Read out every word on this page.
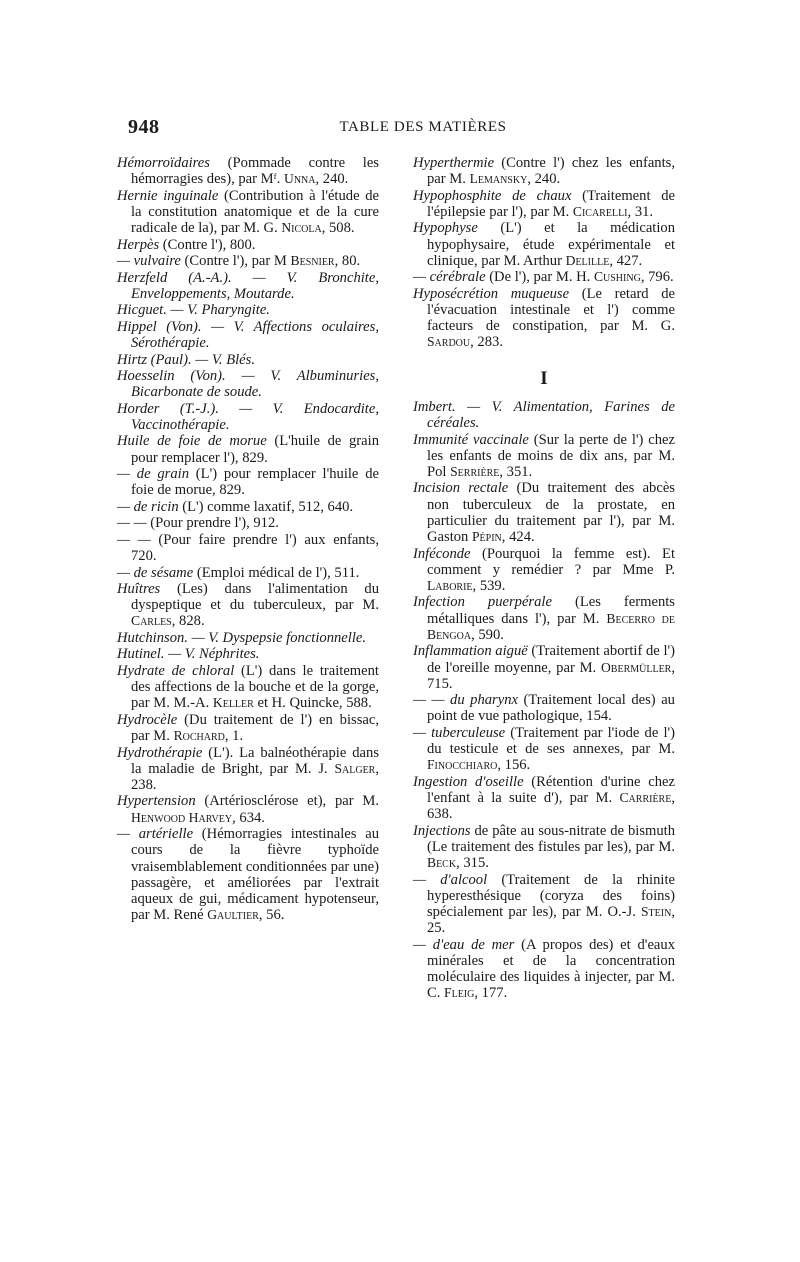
948	TABLE DES MATIÈRES
Hémorroïdaires (Pommade contre les hémorragies des), par Mᶠ. Unna, 240.
Hernie inguinale (Contribution à l'étude de la constitution anatomique et de la cure radicale de la), par M. G. Nicola, 508.
Herpès (Contre l'), 800.
— vulvaire (Contre l'), par M Besnier, 80.
Herzfeld (A.-A.). — V. Bronchite, Enveloppements, Moutarde.
Hicguet. — V. Pharyngite.
Hippel (Von). — V. Affections oculaires, Sérothérapie.
Hirtz (Paul). — V. Blés.
Hoesselin (Von). — V. Albuminuries, Bicarbonate de soude.
Horder (T.-J.). — V. Endocardite, Vaccinothérapie.
Huile de foie de morue (L'huile de grain pour remplacer l'), 829.
— de grain (L') pour remplacer l'huile de foie de morue, 829.
— de ricin (L') comme laxatif, 512, 640.
— — (Pour prendre l'), 912.
— — (Pour faire prendre l') aux enfants, 720.
— de sésame (Emploi médical de l'), 511.
Huîtres (Les) dans l'alimentation du dyspeptique et du tuberculeux, par M. Carles, 828.
Hutchinson. — V. Dyspepsie fonctionnelle.
Hutinel. — V. Néphrites.
Hydrate de chloral (L') dans le traitement des affections de la bouche et de la gorge, par M. M.-A. Keller et H. Quincke, 588.
Hydrocèle (Du traitement de l') en bissac, par M. Rochard, 1.
Hydrothérapie (L'). La balnéothérapie dans la maladie de Bright, par M. J. Salger, 238.
Hypertension (Artériosclérose et), par M. Henwood Harvey, 634.
— artérielle (Hémorragies intestinales au cours de la fièvre typhoïde vraisemblablement conditionnées par une) passagère, et améliorées par l'extrait aqueux de gui, médicament hypotenseur, par M. René Gaultier, 56.
Hyperthermie (Contre l') chez les enfants, par M. Lemansky, 240.
Hypophosphite de chaux (Traitement de l'épilepsie par l'), par M. Cicarelli, 31.
Hypophyse (L') et la médication hypophysaire, étude expérimentale et clinique, par M. Arthur Delille, 427.
— cérébrale (De l'), par M. H. Cushing, 796.
Hyposécrétion muqueuse (Le retard de l'évacuation intestinale et l') comme facteurs de constipation, par M. G. Sardou, 283.
I
Imbert. — V. Alimentation, Farines de céréales.
Immunité vaccinale (Sur la perte de l') chez les enfants de moins de dix ans, par M. Pol Serrière, 351.
Incision rectale (Du traitement des abcès non tuberculeux de la prostate, en particulier du traitement par l'), par M. Gaston Pépin, 424.
Inféconde (Pourquoi la femme est). Et comment y remédier ? par Mme P. Laborie, 539.
Infection puerpérale (Les ferments métalliques dans l'), par M. Becerro de Bengoa, 590.
Inflammation aiguë (Traitement abortif de l') de l'oreille moyenne, par M. Obermüller, 715.
— — du pharynx (Traitement local des) au point de vue pathologique, 154.
— tuberculeuse (Traitement par l'iode de l') du testicule et de ses annexes, par M. Finocchiaro, 156.
Ingestion d'oseille (Rétention d'urine chez l'enfant à la suite d'), par M. Carrière, 638.
Injections de pâte au sous-nitrate de bismuth (Le traitement des fistules par les), par M. Beck, 315.
— d'alcool (Traitement de la rhinite hyperesthésique (coryza des foins) spécialement par les), par M. O.-J. Stein, 25.
— d'eau de mer (A propos des) et d'eaux minérales et de la concentration moléculaire des liquides à injecter, par M. C. Fleig, 177.
